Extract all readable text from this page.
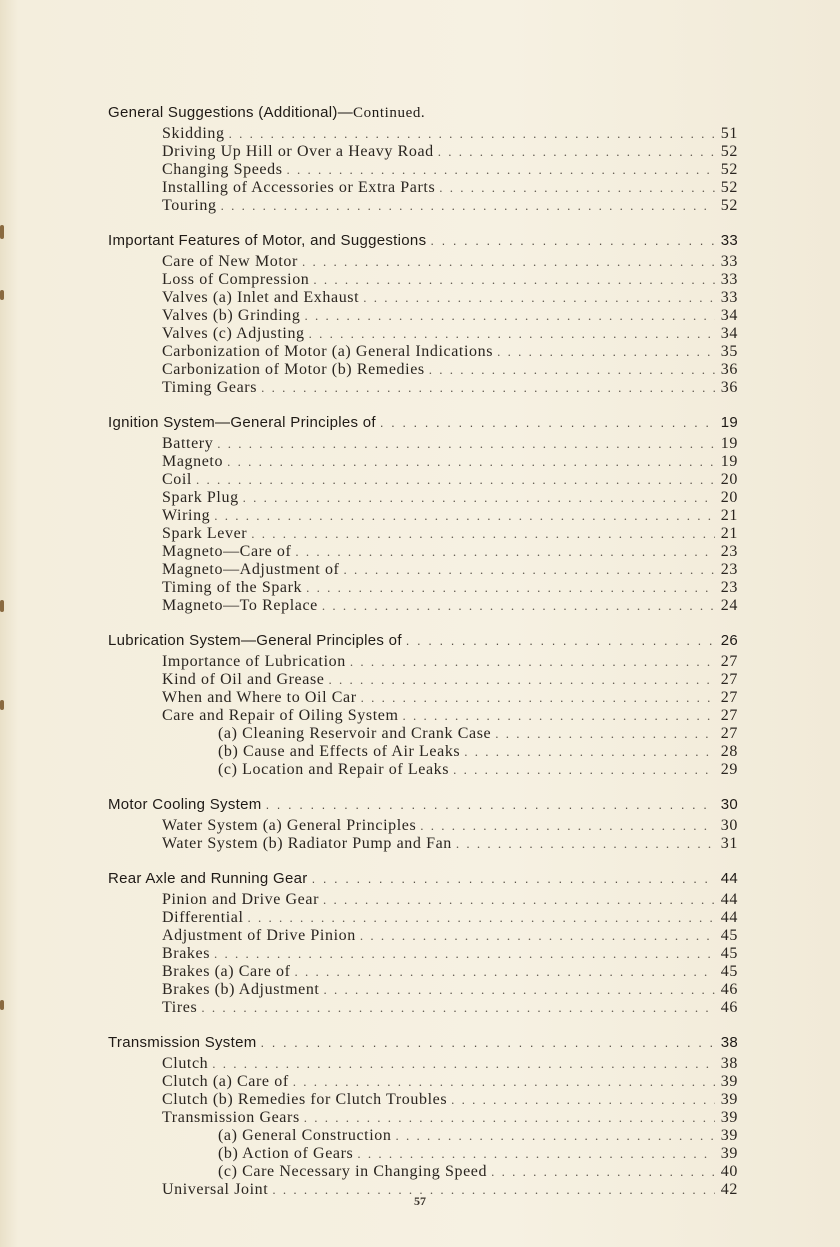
General Suggestions (Additional)—Continued.
Skidding . . .	51
Driving Up Hill or Over a Heavy Road . . .	52
Changing Speeds . . .	52
Installing of Accessories or Extra Parts . . .	52
Touring . . .	52
Important Features of Motor, and Suggestions . . .	33
Care of New Motor . . .	33
Loss of Compression . . .	33
Valves (a) Inlet and Exhaust . . .	33
Valves (b) Grinding . . .	34
Valves (c) Adjusting . . .	34
Carbonization of Motor (a) General Indications . . .	35
Carbonization of Motor (b) Remedies . . .	36
Timing Gears . . .	36
Ignition System—General Principles of . . .	19
Battery . . .	19
Magneto . . .	19
Coil . . .	20
Spark Plug . . .	20
Wiring . . .	21
Spark Lever . . .	21
Magneto—Care of . . .	23
Magneto—Adjustment of . . .	23
Timing of the Spark . . .	23
Magneto—To Replace . . .	24
Lubrication System—General Principles of . . .	26
Importance of Lubrication . . .	27
Kind of Oil and Grease . . .	27
When and Where to Oil Car . . .	27
Care and Repair of Oiling System . . .	27
(a) Cleaning Reservoir and Crank Case . . .	27
(b) Cause and Effects of Air Leaks . . .	28
(c) Location and Repair of Leaks . . .	29
Motor Cooling System . . .	30
Water System (a) General Principles . . .	30
Water System (b) Radiator Pump and Fan . . .	31
Rear Axle and Running Gear . . .	44
Pinion and Drive Gear . . .	44
Differential . . .	44
Adjustment of Drive Pinion . . .	45
Brakes . . .	45
Brakes (a) Care of . . .	45
Brakes (b) Adjustment . . .	46
Tires . . .	46
Transmission System . . .	38
Clutch . . .	38
Clutch (a) Care of . . .	39
Clutch (b) Remedies for Clutch Troubles . . .	39
Transmission Gears . . .	39
(a) General Construction . . .	39
(b) Action of Gears . . .	39
(c) Care Necessary in Changing Speed . . .	40
Universal Joint . . .	42
57
